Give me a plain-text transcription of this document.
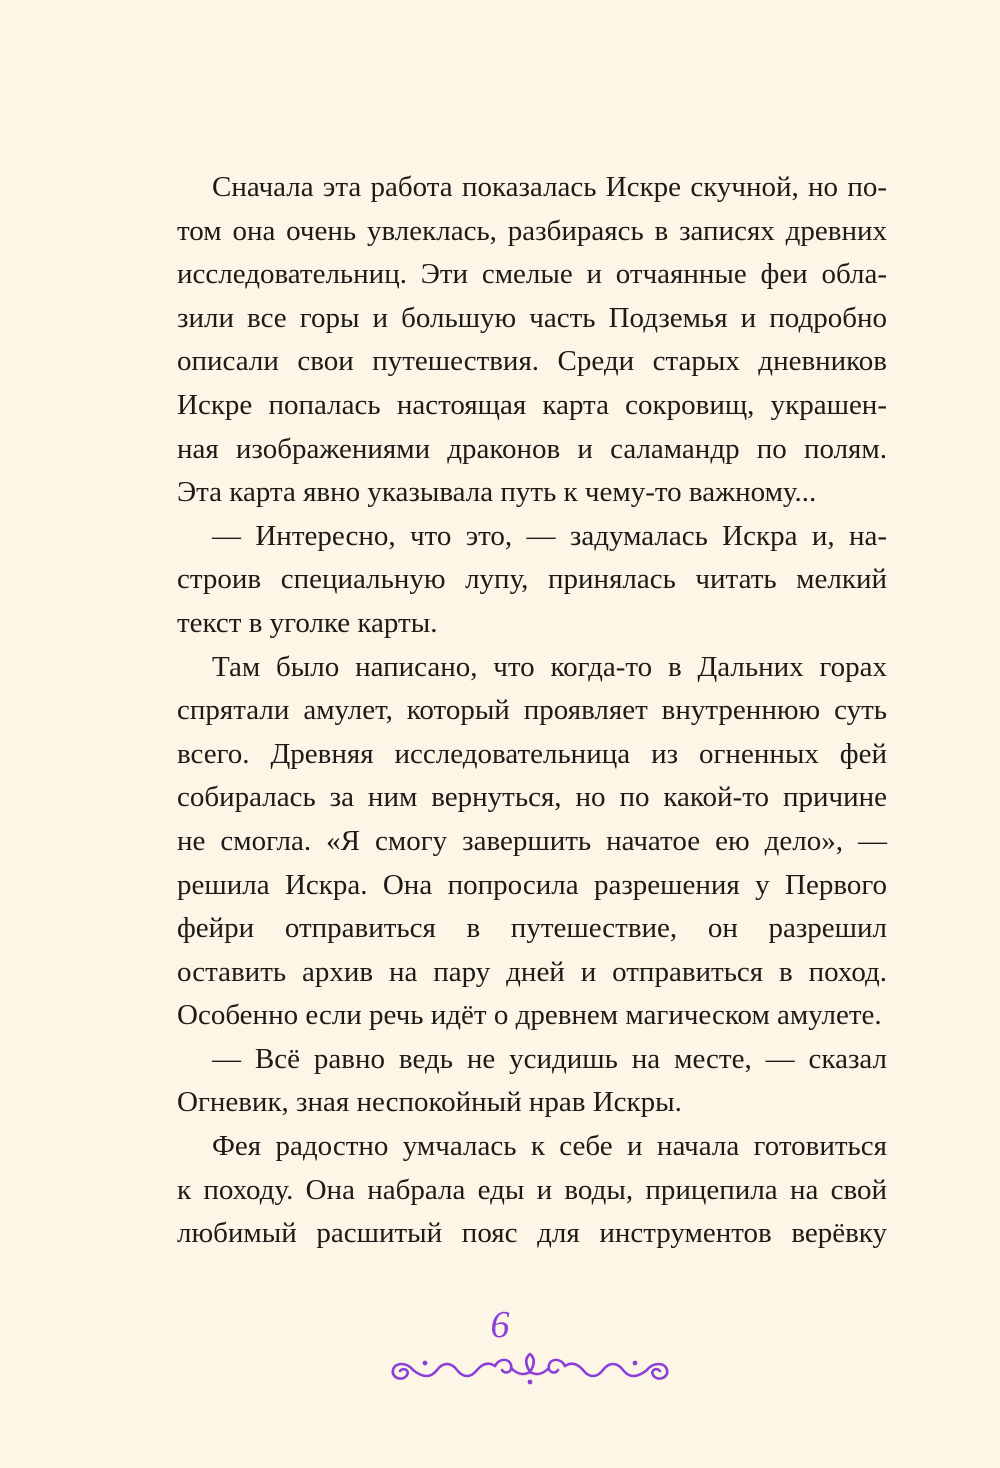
Сначала эта работа показалась Искре скучной, но по-
том она очень увлеклась, разбираясь в записях древних
исследовательниц. Эти смелые и отчаянные феи обла-
зили все горы и большую часть Подземья и подробно
описали свои путешествия. Среди старых дневников
Искре попалась настоящая карта сокровищ, украшен-
ная изображениями драконов и саламандр по полям.
Эта карта явно указывала путь к чему-то важному...
— Интересно, что это, — задумалась Искра и, на-
строив специальную лупу, принялась читать мелкий
текст в уголке карты.
Там было написано, что когда-то в Дальних горах
спрятали амулет, который проявляет внутреннюю суть
всего. Древняя исследовательница из огненных фей
собиралась за ним вернуться, но по какой-то причине
не смогла. «Я смогу завершить начатое ею дело», —
решила Искра. Она попросила разрешения у Первого
фейри отправиться в путешествие, он разрешил
оставить архив на пару дней и отправиться в поход.
Особенно если речь идёт о древнем магическом амулете.
— Всё равно ведь не усидишь на месте, — сказал
Огневик, зная неспокойный нрав Искры.
Фея радостно умчалась к себе и начала готовиться
к походу. Она набрала еды и воды, прицепила на свой
любимый расшитый пояс для инструментов верёвку
6
